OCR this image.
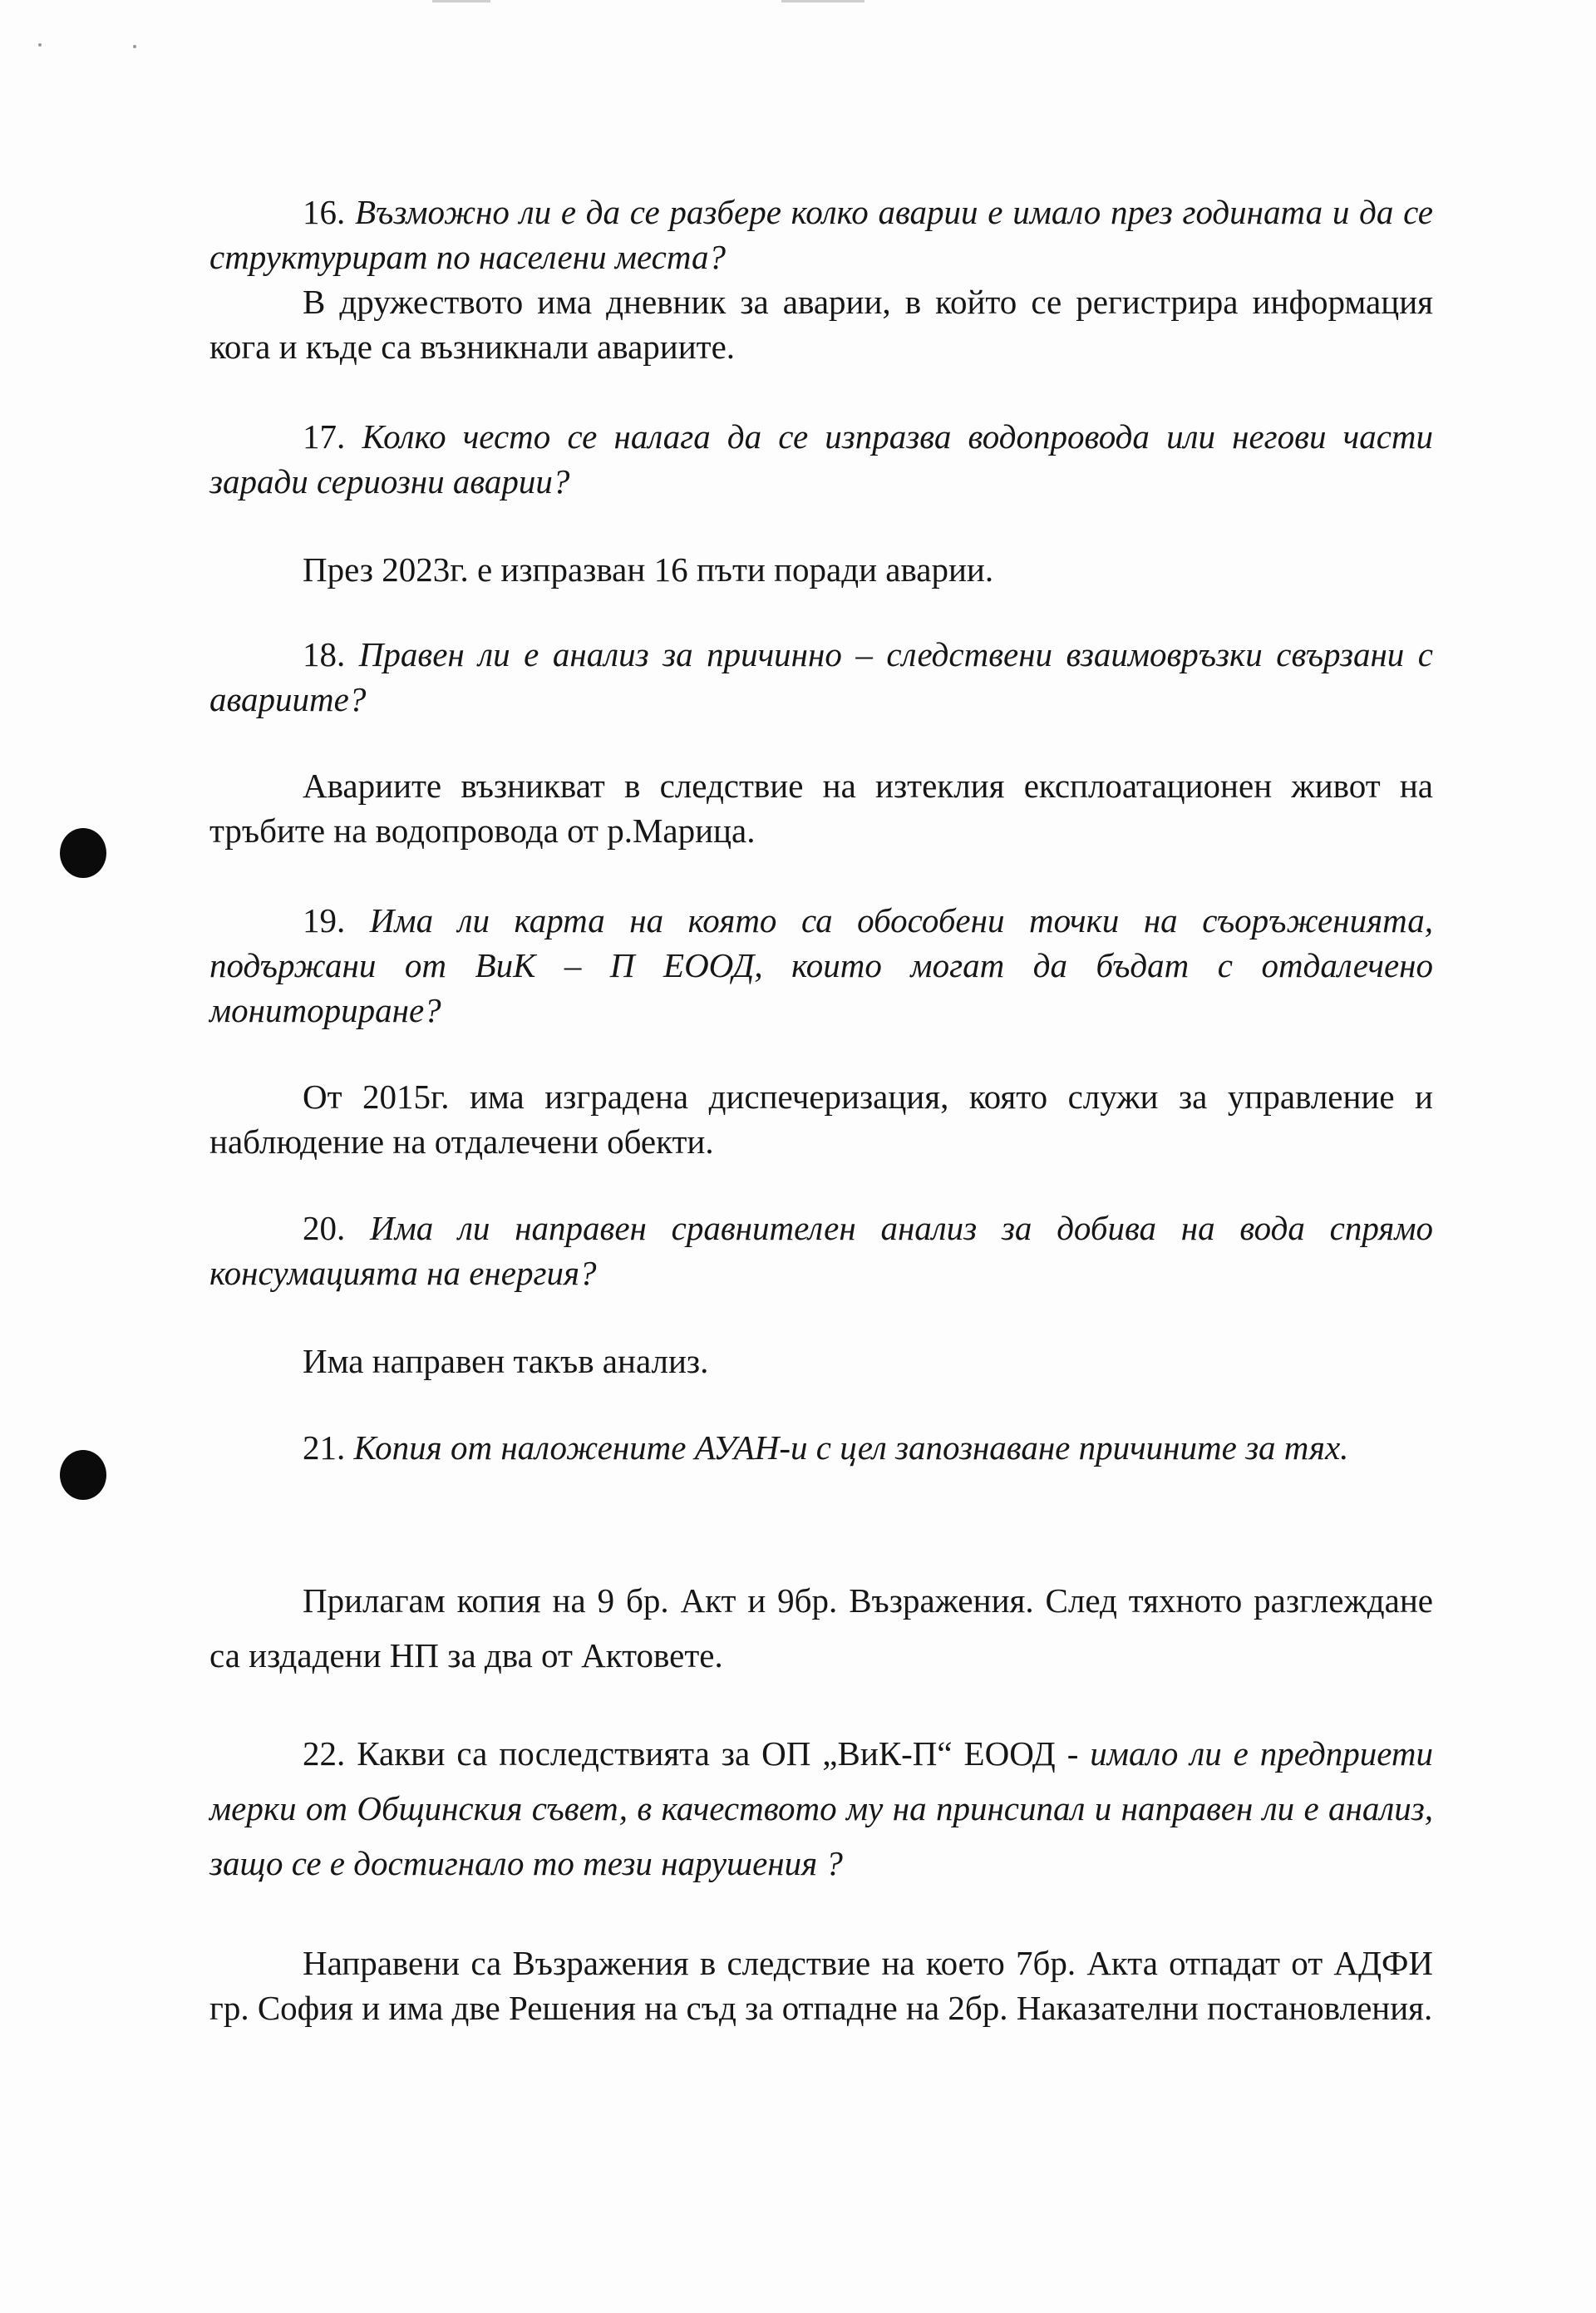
16. Възможно ли е да се разбере колко аварии е имало през годината и да се структурират по населени места?

В дружеството има дневник за аварии, в който се регистрира информация кога и къде са възникнали авариите.

17. Колко често се налага да се изпразва водопровода или негови части заради сериозни аварии?

През 2023г. е изпразван 16 пъти поради аварии.

18. Правен ли е анализ за причинно – следствени взаимовръзки свързани с авариите?

Авариите възникват в следствие на изтеклия експлоатационен живот на тръбите на водопровода от р.Марица.

19. Има ли карта на която са обособени точки на съоръженията, подържани от ВиК – П ЕООД, които могат да бъдат с отдалечено мониториране?

От 2015г. има изградена диспечеризация, която служи за управление и наблюдение на отдалечени обекти.

20. Има ли направен сравнителен анализ за добива на вода спрямо консумацията на енергия?

Има направен такъв анализ.

21. Копия от наложените АУАН-и с цел запознаване причините за тях.

Прилагам копия на 9 бр. Акт и 9бр. Възражения. След тяхното разглеждане са издадени НП за два от Актовете.

22. Какви са последствията за ОП „ВиК-П“ ЕООД - имало ли е предприети мерки от Общинския съвет, в качеството му на принсипал и направен ли е анализ, защо се е достигнало то тези нарушения ?

Направени са Възражения в следствие на което 7бр. Акта отпадат от АДФИ гр. София и има две Решения на съд за отпадне на 2бр. Наказателни постановления.
